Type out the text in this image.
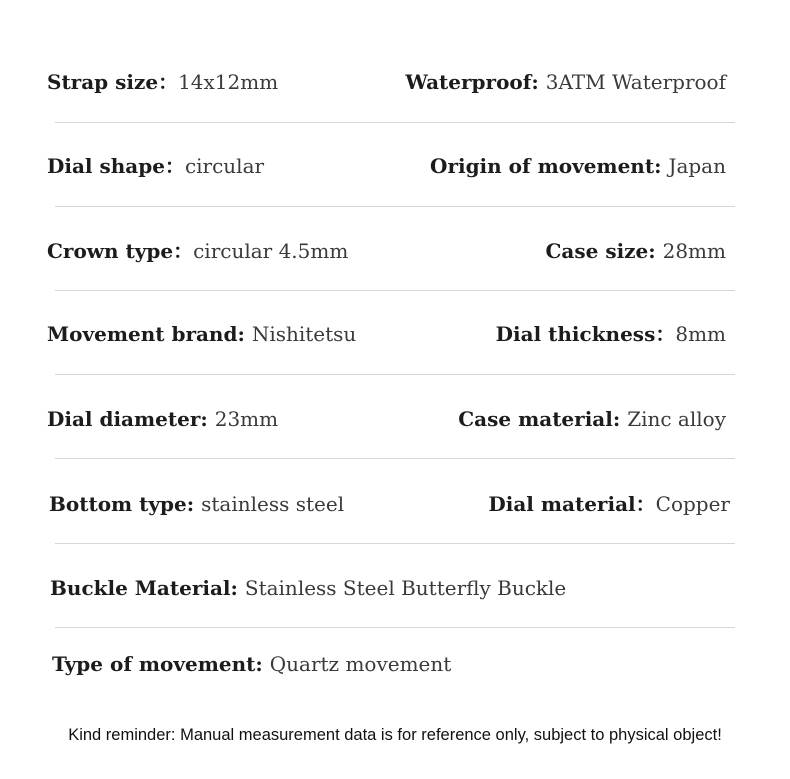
Strap size：14x12mm	Waterproof: 3ATM Waterproof
Dial shape：circular	Origin of movement: Japan
Crown type：circular 4.5mm	Case size: 28mm
Movement brand: Nishitetsu	Dial thickness：8mm
Dial diameter: 23mm	Case material: Zinc alloy
Bottom type: stainless steel	Dial material：Copper
Buckle Material: Stainless Steel Butterfly Buckle
Type of movement: Quartz movement
Kind reminder: Manual measurement data is for reference only, subject to physical object!
